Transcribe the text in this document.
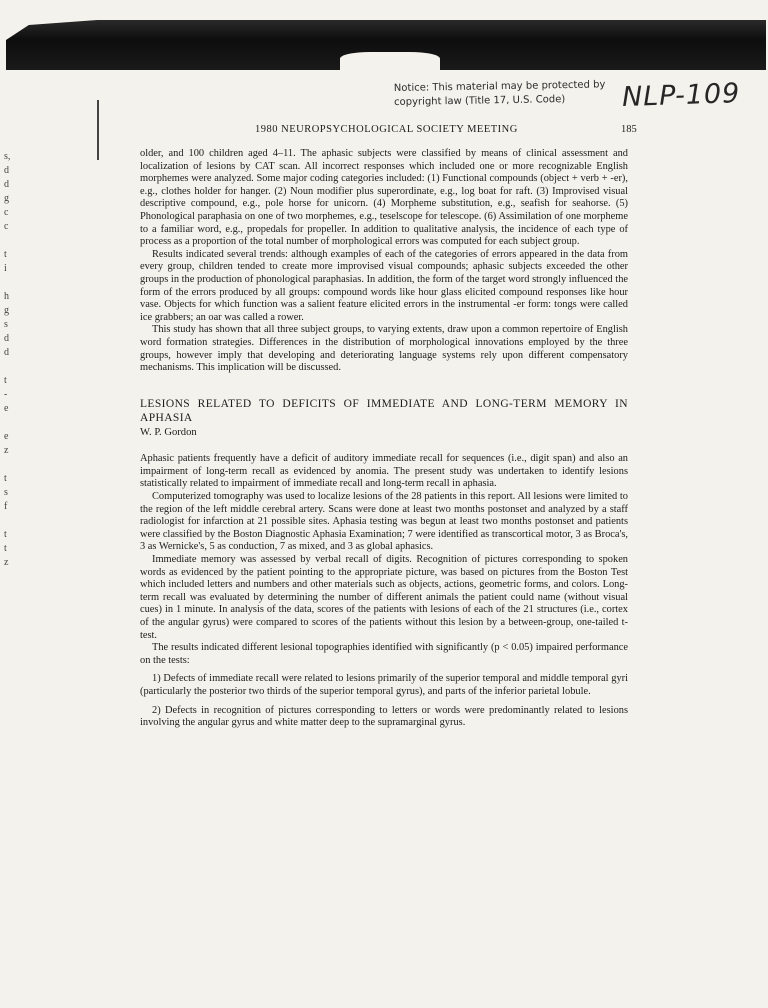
Notice: This material may be protected by copyright law (Title 17, U.S. Code)	NLP-109
1980 NEUROPSYCHOLOGICAL SOCIETY MEETING	185
s,
d
d
g
c
c

t
i

h
g
s
d
d

t
-
e

e
z

t
s
f

t
t
z

older, and 100 children aged 4–11. The aphasic subjects were classified by means of clinical assessment and localization of lesions by CAT scan. All incorrect responses which included one or more recognizable English morphemes were analyzed. Some major coding categories included: (1) Functional compounds (object + verb + -er), e.g., clothes holder for hanger. (2) Noun modifier plus superordinate, e.g., log boat for raft. (3) Improvised visual descriptive compound, e.g., pole horse for unicorn. (4) Morpheme substitution, e.g., seafish for seahorse. (5) Phonological paraphasia on one of two morphemes, e.g., teselscope for telescope. (6) Assimilation of one morpheme to a familiar word, e.g., propedals for propeller. In addition to qualitative analysis, the incidence of each type of process as a proportion of the total number of morphological errors was computed for each subject group.

Results indicated several trends: although examples of each of the categories of errors appeared in the data from every group, children tended to create more improvised visual compounds; aphasic subjects exceeded the other groups in the production of phonological paraphasias. In addition, the form of the target word strongly influenced the form of the errors produced by all groups: compound words like hour glass elicited compound responses like hour vase. Objects for which function was a salient feature elicited errors in the instrumental -er form: tongs were called ice grabbers; an oar was called a rower.

This study has shown that all three subject groups, to varying extents, draw upon a common repertoire of English word formation strategies. Differences in the distribution of morphological innovations employed by the three groups, however imply that developing and deteriorating language systems rely upon different compensatory mechanisms. This implication will be discussed.

LESIONS RELATED TO DEFICITS OF IMMEDIATE AND LONG-TERM MEMORY IN APHASIA
W. P. Gordon

Aphasic patients frequently have a deficit of auditory immediate recall for sequences (i.e., digit span) and also an impairment of long-term recall as evidenced by anomia. The present study was undertaken to identify lesions statistically related to impairment of immediate recall and long-term recall in aphasia.

Computerized tomography was used to localize lesions of the 28 patients in this report. All lesions were limited to the region of the left middle cerebral artery. Scans were done at least two months postonset and analyzed by a staff radiologist for infarction at 21 possible sites. Aphasia testing was begun at least two months postonset and patients were classified by the Boston Diagnostic Aphasia Examination; 7 were identified as transcortical motor, 3 as Broca's, 3 as Wernicke's, 5 as conduction, 7 as mixed, and 3 as global aphasics.

Immediate memory was assessed by verbal recall of digits. Recognition of pictures corresponding to spoken words as evidenced by the patient pointing to the appropriate picture, was based on pictures from the Boston Test which included letters and numbers and other materials such as objects, actions, geometric forms, and colors. Long-term recall was evaluated by determining the number of different animals the patient could name (without visual cues) in 1 minute. In analysis of the data, scores of the patients with lesions of each of the 21 structures (i.e., cortex of the angular gyrus) were compared to scores of the patients without this lesion by a between-group, one-tailed t-test.

The results indicated different lesional topographies identified with significantly (p < 0.05) impaired performance on the tests:

1) Defects of immediate recall were related to lesions primarily of the superior temporal and middle temporal gyri (particularly the posterior two thirds of the superior temporal gyrus), and parts of the inferior parietal lobule.

2) Defects in recognition of pictures corresponding to letters or words were predominantly related to lesions involving the angular gyrus and white matter deep to the supramarginal gyrus.
